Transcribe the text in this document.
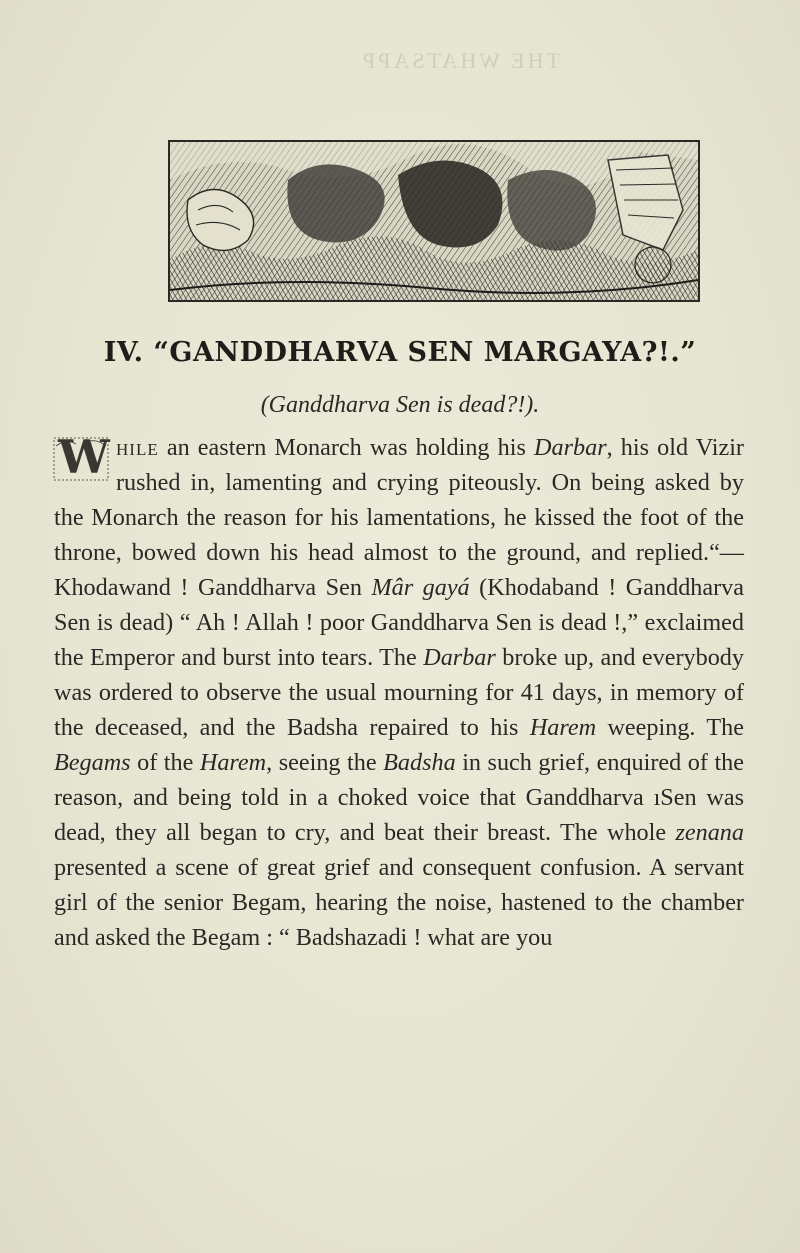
THE WHATSAPP
IV. “GANDDHARVA SEN MARGAYA?!.”
(Ganddharva Sen is dead?!).
W hile an eastern Monarch was holding his Darbar, his old Vizir rushed in, lamenting and crying piteously. On being asked by the Monarch the reason for his lamentations, he kissed the foot of the throne, bowed down his head almost to the ground, and replied.“—Khodawand ! Ganddharva Sen Mâr gayá (Khodaband ! Ganddharva Sen is dead) “ Ah ! Allah ! poor Ganddharva Sen is dead !,” exclaimed the Emperor and burst into tears. The Darbar broke up, and everybody was ordered to observe the usual mourning for 41 days, in memory of the deceased, and the Badsha repaired to his Harem weeping. The Begams of the Harem, seeing the Badsha in such grief, enquired of the reason, and being told in a choked voice that Ganddharva ıSen was dead, they all began to cry, and beat their breast. The whole zenana presented a scene of great grief and consequent confusion. A servant girl of the senior Begam, hearing the noise, hastened to the chamber and asked the Begam : “ Badshazadi ! what are you
